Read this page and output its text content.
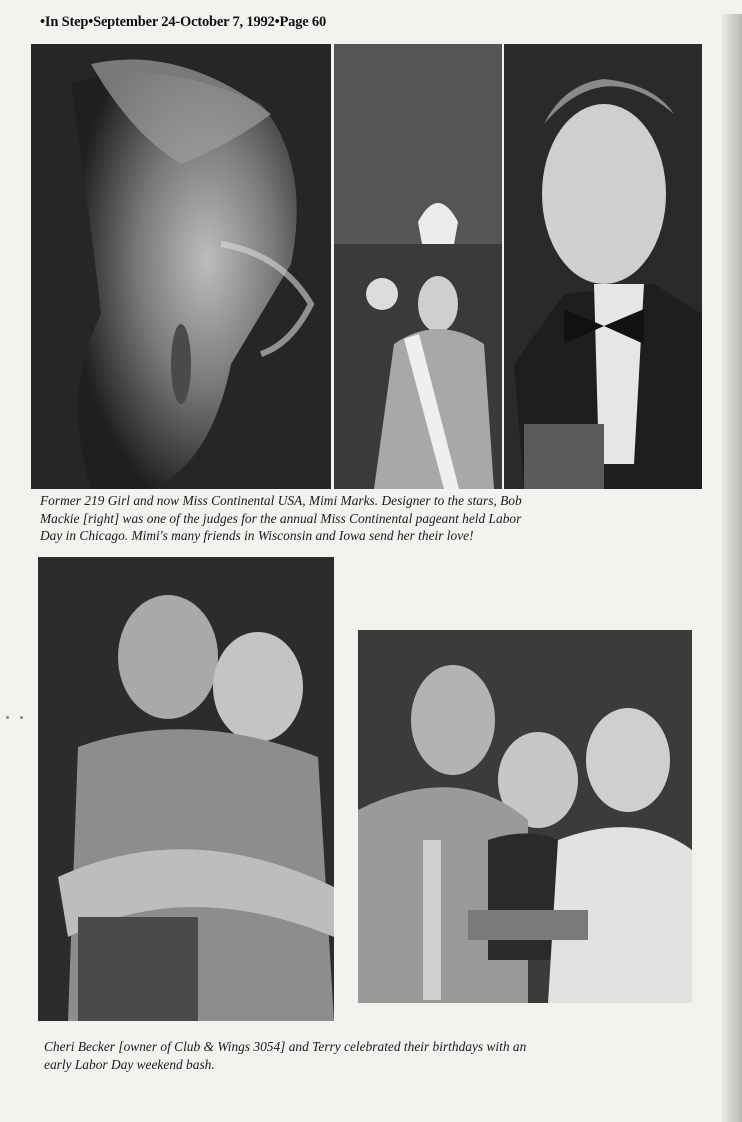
•In Step•September 24-October 7, 1992•Page 60
Former 219 Girl and now Miss Continental USA, Mimi Marks. Designer to the stars, Bob
Mackie [right] was one of the judges for the annual Miss Continental pageant held Labor
Day in Chicago. Mimi's many friends in Wisconsin and Iowa send her their love!
Cheri Becker [owner of Club & Wings 3054] and Terry celebrated their birthdays with an
early Labor Day weekend bash.
